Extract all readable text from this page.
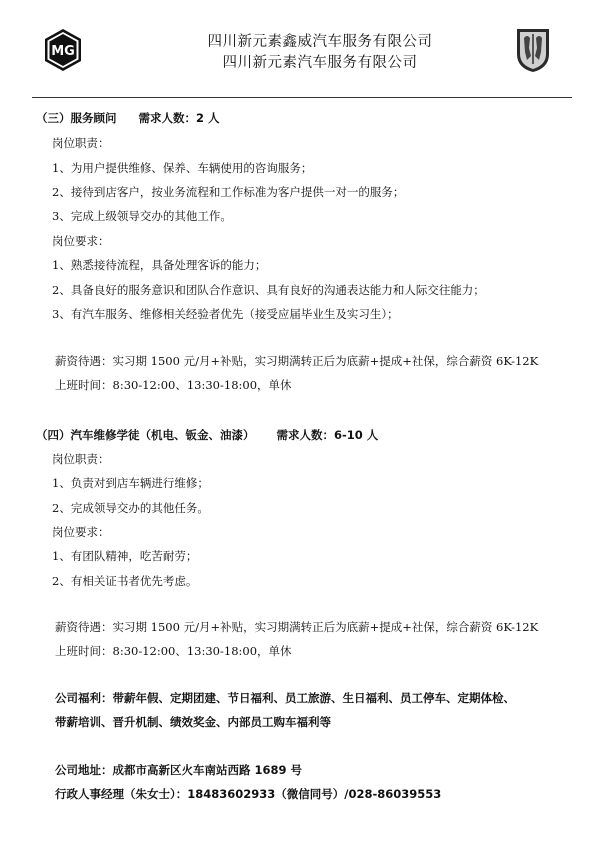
MG
四川新元素鑫威汽车服务有限公司
四川新元素汽车服务有限公司
（三）服务顾问 需求人数：2 人
岗位职责：
1、为用户提供维修、保养、车辆使用的咨询服务；
2、接待到店客户，按业务流程和工作标准为客户提供一对一的服务；
3、完成上级领导交办的其他工作。
岗位要求：
1、熟悉接待流程，具备处理客诉的能力；
2、具备良好的服务意识和团队合作意识、具有良好的沟通表达能力和人际交往能力；
3、有汽车服务、维修相关经验者优先（接受应届毕业生及实习生）；
薪资待遇：实习期 1500 元/月+补贴，实习期满转正后为底薪+提成+社保，综合薪资 6K-12K
上班时间：8:30-12:00、13:30-18:00，单休
（四）汽车维修学徒（机电、钣金、油漆） 需求人数：6-10 人
岗位职责：
1、负责对到店车辆进行维修；
2、完成领导交办的其他任务。
岗位要求：
1、有团队精神，吃苦耐劳；
2、有相关证书者优先考虑。
薪资待遇：实习期 1500 元/月+补贴，实习期满转正后为底薪+提成+社保，综合薪资 6K-12K
上班时间：8:30-12:00、13:30-18:00，单休
公司福利：带薪年假、定期团建、节日福利、员工旅游、生日福利、员工停车、定期体检、
带薪培训、晋升机制、绩效奖金、内部员工购车福利等
公司地址：成都市高新区火车南站西路 1689 号
行政人事经理（朱女士）：18483602933（微信同号）/028-86039553
